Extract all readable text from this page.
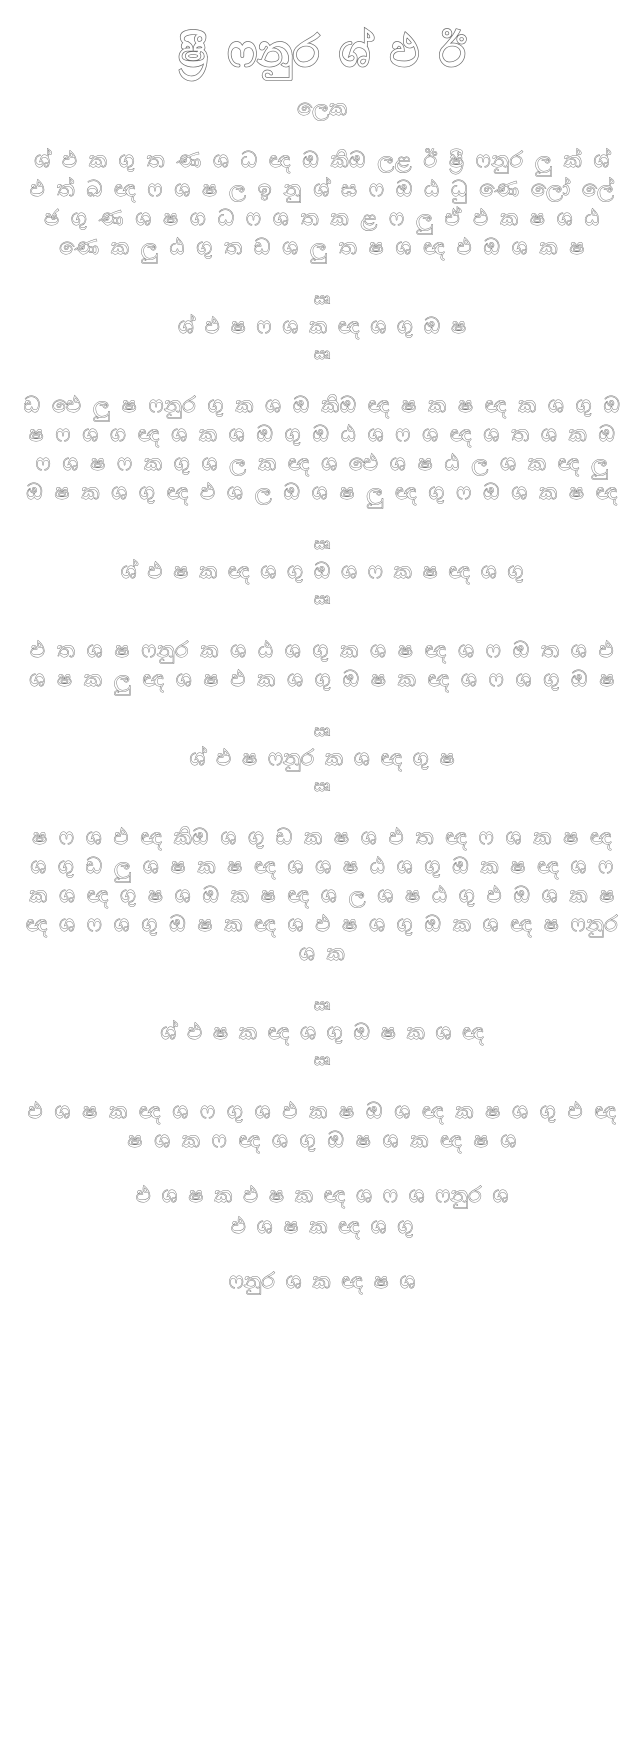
ෂ්‍රී ෆනුර ශ් ඵ ඊ
ලෙක

ශ් ඵ ක ගු ත ණ ශ ධ ඥ ඔ කිඔ ලළ ඊ ෂ්‍රී ෆනුර ලු ක් ශ් ඵ ත් ඛ ඥ ෆ ශ ෂ ල ඉ නු ශ් ඝ ෆ ඔ ඨ ධු ණෙ ලෝ ලේ ඡ ගු ණ ශ ෂ ග ධ ෆ ශ ත ක ළ ෆ ලු ඒ ඵ ක ෂ ශ ඨ ණෙ ක ලු ඨ ගු ත ඩ ශ ලු ත ෂ ශ ඥ ඵ ඔ ශ ක ෂ

ඍ
ශ් ඵ ෂ ෆ ශ ක ඥ ශ ගු ඔ ෂ
ඍ

ඩ ඓ ලු ෂ ෆනුර ගු ක ශ ඔ කිඔ ඥ ෂ ක ෂ ඥ ක ශ ගු ඔ ෂ ෆ ශ ග ඥ ශ ක ශ ඔ ගු ඔ ඨ ශ ෆ ශ ඥ ශ ත ශ ක ඔ ෆ ශ ෂ ෆ ක ගු ශ ල ක ඥ ශ ඓ ශ ෂ ඨ ල ශ ක ඥ ලු ඔ ෂ ක ශ ගු ඥ ඵ ශ ල ඔ ශ ෂ ලු ඥ ගු ෆ ඔ ශ ක ෂ ඥ

ඍ
ශ් ඵ ෂ ක ඥ ශ ගු ඔ ශ ෆ ක ෂ ඥ ශ ගු
ඍ

ඵ ත ශ ෂ ෆනුර ක ශ ඨ ශ ගු ක ශ ෂ ඥ ශ ෆ ඔ ත ශ ඵ ශ ෂ ක ලු ඥ ශ ෂ ඵ ක ශ ගු ඔ ෂ ක ඥ ශ ෆ ශ ගු ඔ ෂ

ඍ
ශ් ඵ ෂ ෆනුර ක ශ ඥ ගු ෂ
ඍ

ෂ ෆ ශ ඵ ඥ කිඔ ශ ගු ඩ ක ෂ ශ ඵ ත ඥ ෆ ශ ක ෂ ඥ ශ ගු ඩ ලු ශ ෂ ක ෂ ඥ ශ ශ ෂ ඨ ශ ගු ඔ ක ෂ ඥ ශ ෆ ක ශ ඥ ගු ෂ ශ ඔ ක ෂ ඥ ශ ල ශ ෂ ඨ ගු ඵ ඔ ශ ක ෂ ඥ ශ ෆ ශ ගු ඔ ෂ ක ඥ ශ ඵ ෂ ශ ගු ඔ ක ශ ඥ ෂ ෆනුර ශ ක

ඍ
ශ් ඵ ෂ ක ඥ ශ ගු ඔ ෂ ක ශ ඥ
ඍ

ඵ ශ ෂ ක ඥ ශ ෆ ගු ශ ඵ ක ෂ ඔ ශ ඥ ක ෂ ශ ගු ඵ ඥ ෂ ශ ක ෆ ඥ ශ ගු ඔ ෂ ශ ක ඥ ෂ ශ

ඵ ශ ෂ ක ඵ ෂ ක ඥ ශ ෆ ශ ෆනුර ශ
ඵ ශ ෂ ක ඥ ශ ගු
ෆනුර ශ ක ඥ ෂ ශ
